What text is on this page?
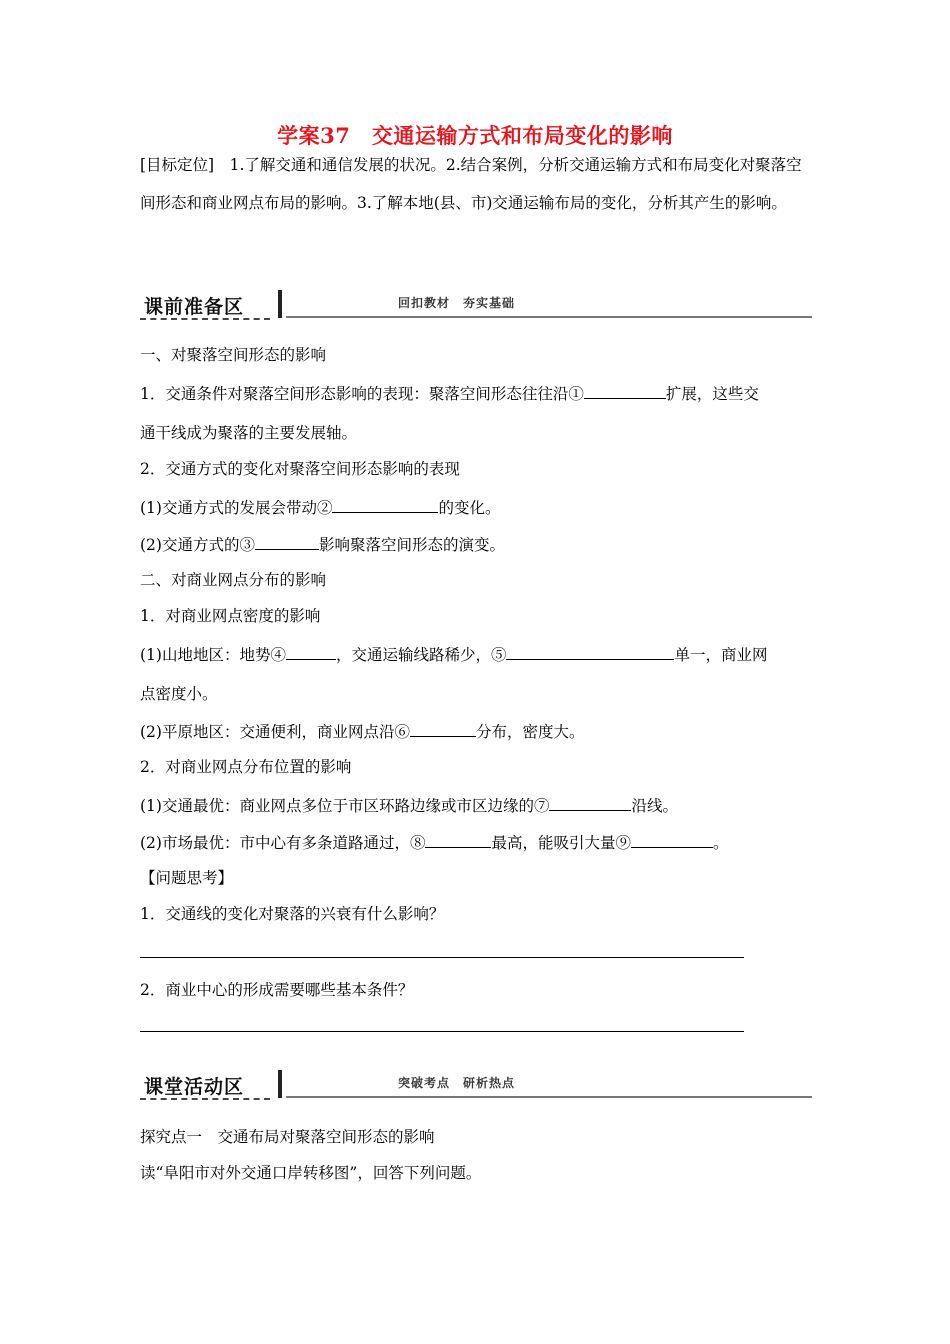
学案37　交通运输方式和布局变化的影响
[目标定位]　1.了解交通和通信发展的状况。2.结合案例，分析交通运输方式和布局变化对聚落空间形态和商业网点布局的影响。3.了解本地(县、市)交通运输布局的变化，分析其产生的影响。
课前准备区	回扣教材　夯实基础
一、对聚落空间形态的影响
1．交通条件对聚落空间形态影响的表现：聚落空间形态往往沿①	扩展，这些交
通干线成为聚落的主要发展轴。
2．交通方式的变化对聚落空间形态影响的表现
(1)交通方式的发展会带动②	的变化。
(2)交通方式的③	影响聚落空间形态的演变。
二、对商业网点分布的影响
1．对商业网点密度的影响
(1)山地地区：地势④	，交通运输线路稀少，⑤	单一，商业网
点密度小。
(2)平原地区：交通便利，商业网点沿⑥	分布，密度大。
2．对商业网点分布位置的影响
(1)交通最优：商业网点多位于市区环路边缘或市区边缘的⑦	沿线。
(2)市场最优：市中心有多条道路通过，⑧	最高，能吸引大量⑨	。
【问题思考】
1．交通线的变化对聚落的兴衰有什么影响？
2．商业中心的形成需要哪些基本条件？
课堂活动区	突破考点　研析热点
探究点一　交通布局对聚落空间形态的影响
读“阜阳市对外交通口岸转移图”，回答下列问题。
